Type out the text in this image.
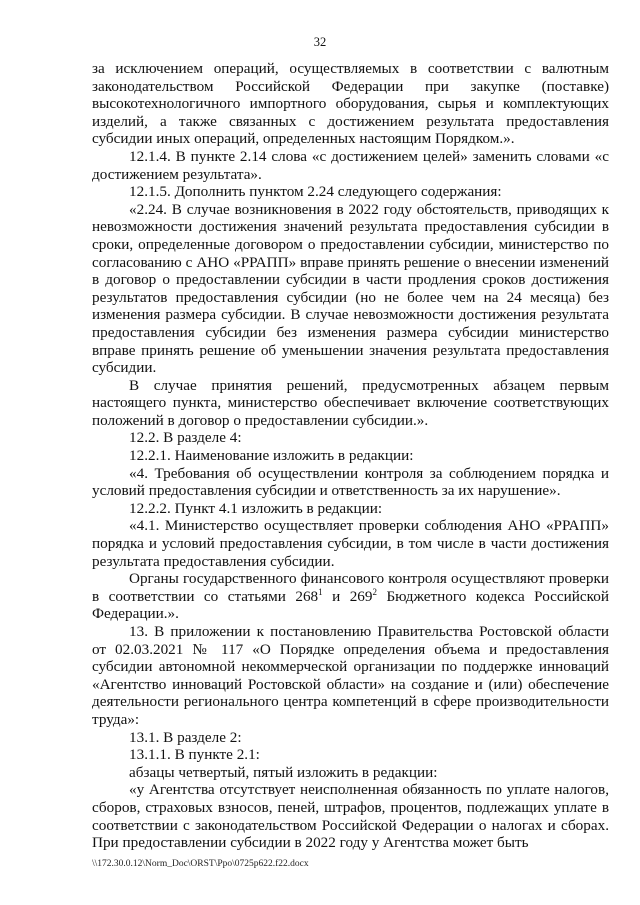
32

за исключением операций, осуществляемых в соответствии с валютным законодательством Российской Федерации при закупке (поставке) высокотехнологичного импортного оборудования, сырья и комплектующих изделий, а также связанных с достижением результата предоставления субсидии иных операций, определенных настоящим Порядком.».

12.1.4. В пункте 2.14 слова «с достижением целей» заменить словами «с достижением результата».

12.1.5. Дополнить пунктом 2.24 следующего содержания:

«2.24. В случае возникновения в 2022 году обстоятельств, приводящих к невозможности достижения значений результата предоставления субсидии в сроки, определенные договором о предоставлении субсидии, министерство по согласованию с АНО «РРАПП» вправе принять решение о внесении изменений в договор о предоставлении субсидии в части продления сроков достижения результатов предоставления субсидии (но не более чем на 24 месяца) без изменения размера субсидии. В случае невозможности достижения результата предоставления субсидии без изменения размера субсидии министерство вправе принять решение об уменьшении значения результата предоставления субсидии.

В случае принятия решений, предусмотренных абзацем первым настоящего пункта, министерство обеспечивает включение соответствующих положений в договор о предоставлении субсидии.».

12.2. В разделе 4:

12.2.1. Наименование изложить в редакции:

«4. Требования об осуществлении контроля за соблюдением порядка и условий предоставления субсидии и ответственность за их нарушение».

12.2.2. Пункт 4.1 изложить в редакции:

«4.1. Министерство осуществляет проверки соблюдения АНО «РРАПП» порядка и условий предоставления субсидии, в том числе в части достижения результата предоставления субсидии.

Органы государственного финансового контроля осуществляют проверки в соответствии со статьями $268^1$ и $269^2$ Бюджетного кодекса Российской Федерации.».

13. В приложении к постановлению Правительства Ростовской области от 02.03.2021 № 117 «О Порядке определения объема и предоставления субсидии автономной некоммерческой организации по поддержке инноваций «Агентство инноваций Ростовской области» на создание и (или) обеспечение деятельности регионального центра компетенций в сфере производительности труда»:

13.1. В разделе 2:

13.1.1. В пункте 2.1:

абзацы четвертый, пятый изложить в редакции:

«у Агентства отсутствует неисполненная обязанность по уплате налогов, сборов, страховых взносов, пеней, штрафов, процентов, подлежащих уплате в соответствии с законодательством Российской Федерации о налогах и сборах. При предоставлении субсидии в 2022 году у Агентства может быть

\\172.30.0.12\Norm_Doc\ORST\Ppo\0725p622.f22.docx
